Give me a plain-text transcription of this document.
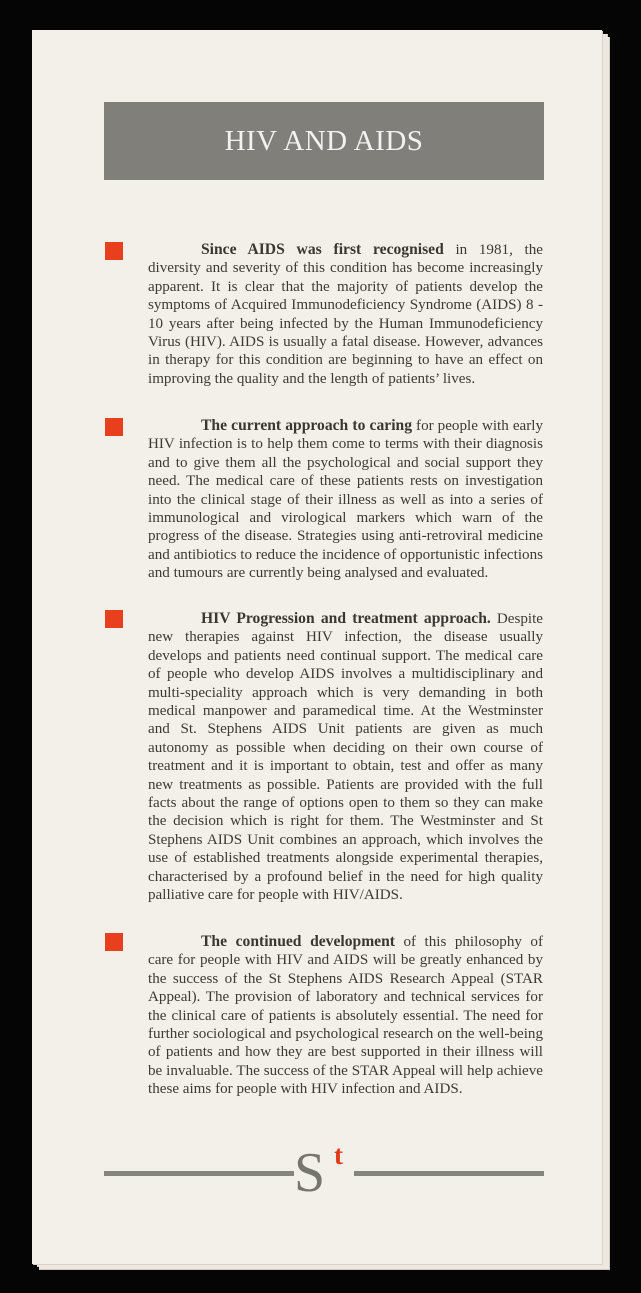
HIV AND AIDS
Since AIDS was first recognised in 1981, the diversity and severity of this condition has become increasingly apparent. It is clear that the majority of patients develop the symptoms of Acquired Immunodeficiency Syndrome (AIDS) 8 - 10 years after being infected by the Human Immunodeficiency Virus (HIV). AIDS is usually a fatal disease. However, advances in therapy for this condition are beginning to have an effect on improving the quality and the length of patients’ lives.
The current approach to caring for people with early HIV infection is to help them come to terms with their diagnosis and to give them all the psychological and social support they need. The medical care of these patients rests on investigation into the clinical stage of their illness as well as into a series of immunological and virological markers which warn of the progress of the disease. Strategies using anti-retroviral medicine and antibiotics to reduce the incidence of opportunistic infections and tumours are currently being analysed and evaluated.
HIV Progression and treatment approach. Despite new therapies against HIV infection, the disease usually develops and patients need continual support. The medical care of people who develop AIDS involves a multidisciplinary and multi-speciality approach which is very demanding in both medical manpower and paramedical time. At the Westminster and St. Stephens AIDS Unit patients are given as much autonomy as possible when deciding on their own course of treatment and it is important to obtain, test and offer as many new treatments as possible. Patients are provided with the full facts about the range of options open to them so they can make the decision which is right for them. The Westminster and St Stephens AIDS Unit combines an approach, which involves the use of established treatments alongside experimental therapies, characterised by a profound belief in the need for high quality palliative care for people with HIV/AIDS.
The continued development of this philosophy of care for people with HIV and AIDS will be greatly enhanced by the success of the St Stephens AIDS Research Appeal (STAR Appeal). The provision of laboratory and technical services for the clinical care of patients is absolutely essential. The need for further sociological and psychological research on the well-being of patients and how they are best supported in their illness will be invaluable. The success of the STAR Appeal will help achieve these aims for people with HIV infection and AIDS.
S t
